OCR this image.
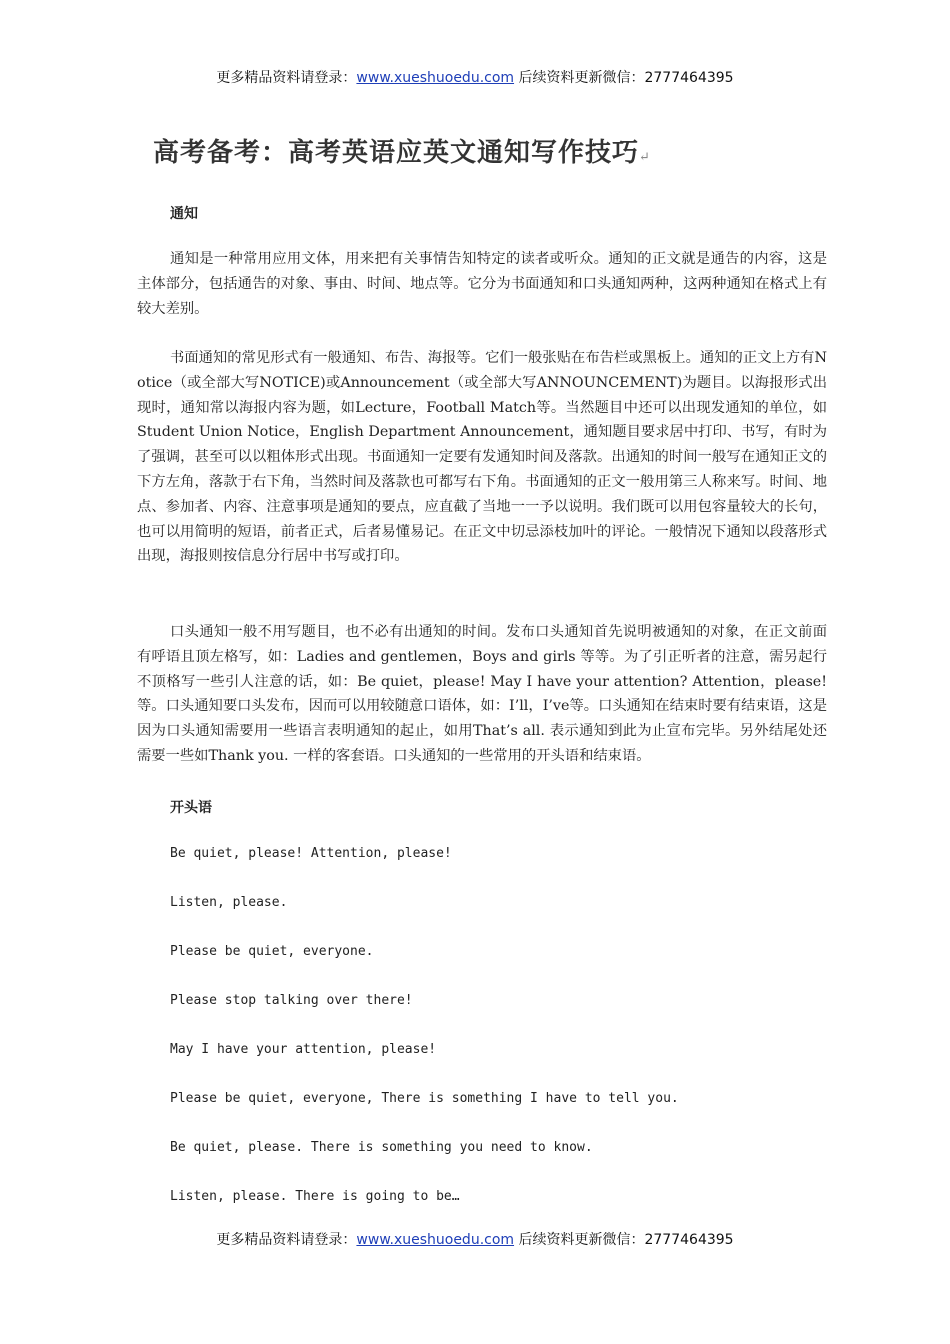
更多精品资料请登录：www.xueshuoedu.com 后续资料更新微信：2777464395
高考备考：高考英语应英文通知写作技巧↵
通知
通知是一种常用应用文体，用来把有关事情告知特定的读者或听众。通知的正文就是通告的内容，这是主体部分，包括通告的对象、事由、时间、地点等。它分为书面通知和口头通知两种，这两种通知在格式上有较大差别。
书面通知的常见形式有一般通知、布告、海报等。它们一般张贴在布告栏或黑板上。通知的正文上方有Notice（或全部大写NOTICE)或Announcement（或全部大写ANNOUNCEMENT)为题目。以海报形式出现时，通知常以海报内容为题，如Lecture，Football Match等。当然题目中还可以出现发通知的单位，如Student Union Notice，English Department Announcement，通知题目要求居中打印、书写，有时为了强调，甚至可以以粗体形式出现。书面通知一定要有发通知时间及落款。出通知的时间一般写在通知正文的下方左角，落款于右下角，当然时间及落款也可都写右下角。书面通知的正文一般用第三人称来写。时间、地点、参加者、内容、注意事项是通知的要点，应直截了当地一一予以说明。我们既可以用包容量较大的长句，也可以用简明的短语，前者正式，后者易懂易记。在正文中切忌添枝加叶的评论。一般情况下通知以段落形式出现，海报则按信息分行居中书写或打印。
口头通知一般不用写题目，也不必有出通知的时间。发布口头通知首先说明被通知的对象，在正文前面有呼语且顶左格写，如：Ladies and gentlemen，Boys and girls 等等。为了引正听者的注意，需另起行不顶格写一些引人注意的话，如：Be quiet，please! May I have your attention? Attention，please! 等。口头通知要口头发布，因而可以用较随意口语体，如：I’ll，I’ve等。口头通知在结束时要有结束语，这是因为口头通知需要用一些语言表明通知的起止，如用That’s all. 表示通知到此为止宣布完毕。另外结尾处还需要一些如Thank you. 一样的客套语。口头通知的一些常用的开头语和结束语。
开头语
Be quiet, please! Attention, please!
Listen, please.
Please be quiet, everyone.
Please stop talking over there!
May I have your attention, please!
Please be quiet, everyone, There is something I have to tell you.
Be quiet, please. There is something you need to know.
Listen, please. There is going to be…
更多精品资料请登录：www.xueshuoedu.com 后续资料更新微信：2777464395
